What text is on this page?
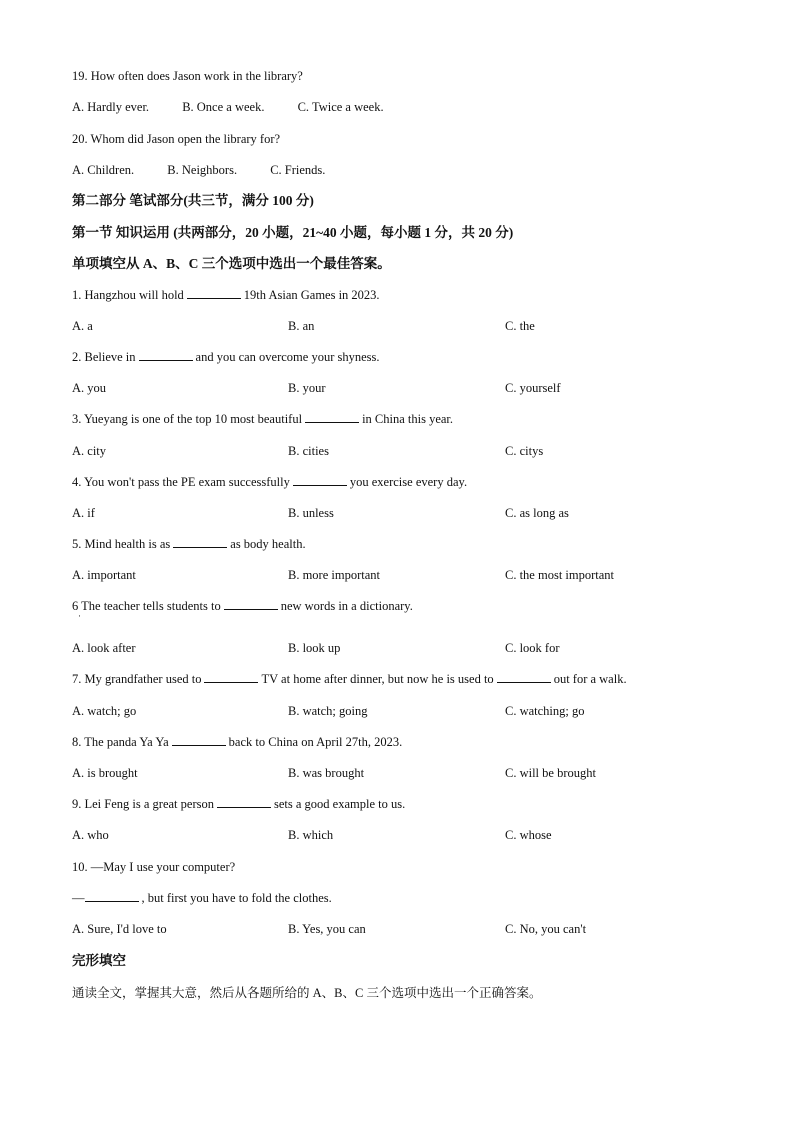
19. How often does Jason work in the library?
A. Hardly ever.	B. Once a week.	C. Twice a week.
20. Whom did Jason open the library for?
A. Children.	B. Neighbors.	C. Friends.
第二部分 笔试部分(共三节，满分 100 分)
第一节 知识运用 (共两部分，20 小题，21~40 小题，每小题 1 分，共 20 分)
单项填空从 A、B、C 三个选项中选出一个最佳答案。
1. Hangzhou will hold	19th Asian Games in 2023.
A. a	B. an	C. the
2. Believe in	and you can overcome your shyness.
A. you	B. your	C. yourself
3. Yueyang is one of the top 10 most beautiful	in China this year.
A. city	B. cities	C. citys
4. You won't pass the PE exam successfully	you exercise every day.
A. if	B. unless	C. as long as
5. Mind health is as	as body health.
A. important	B. more important	C. the most important
6 The teacher tells students to	new words in a dictionary.
·
A. look after	B. look up	C. look for
7. My grandfather used to	TV at home after dinner, but now he is used to	out for a walk.
A. watch; go	B. watch; going	C. watching; go
8. The panda Ya Ya	back to China on April 27th, 2023.
A. is brought	B. was brought	C. will be brought
9. Lei Feng is a great person	sets a good example to us.
A. who	B. which	C. whose
10. —May I use your computer?
—	, but first you have to fold the clothes.
A. Sure, I'd love to	B. Yes, you can	C. No, you can't
完形填空
通读全文，掌握其大意，然后从各题所给的 A、B、C 三个选项中选出一个正确答案。
